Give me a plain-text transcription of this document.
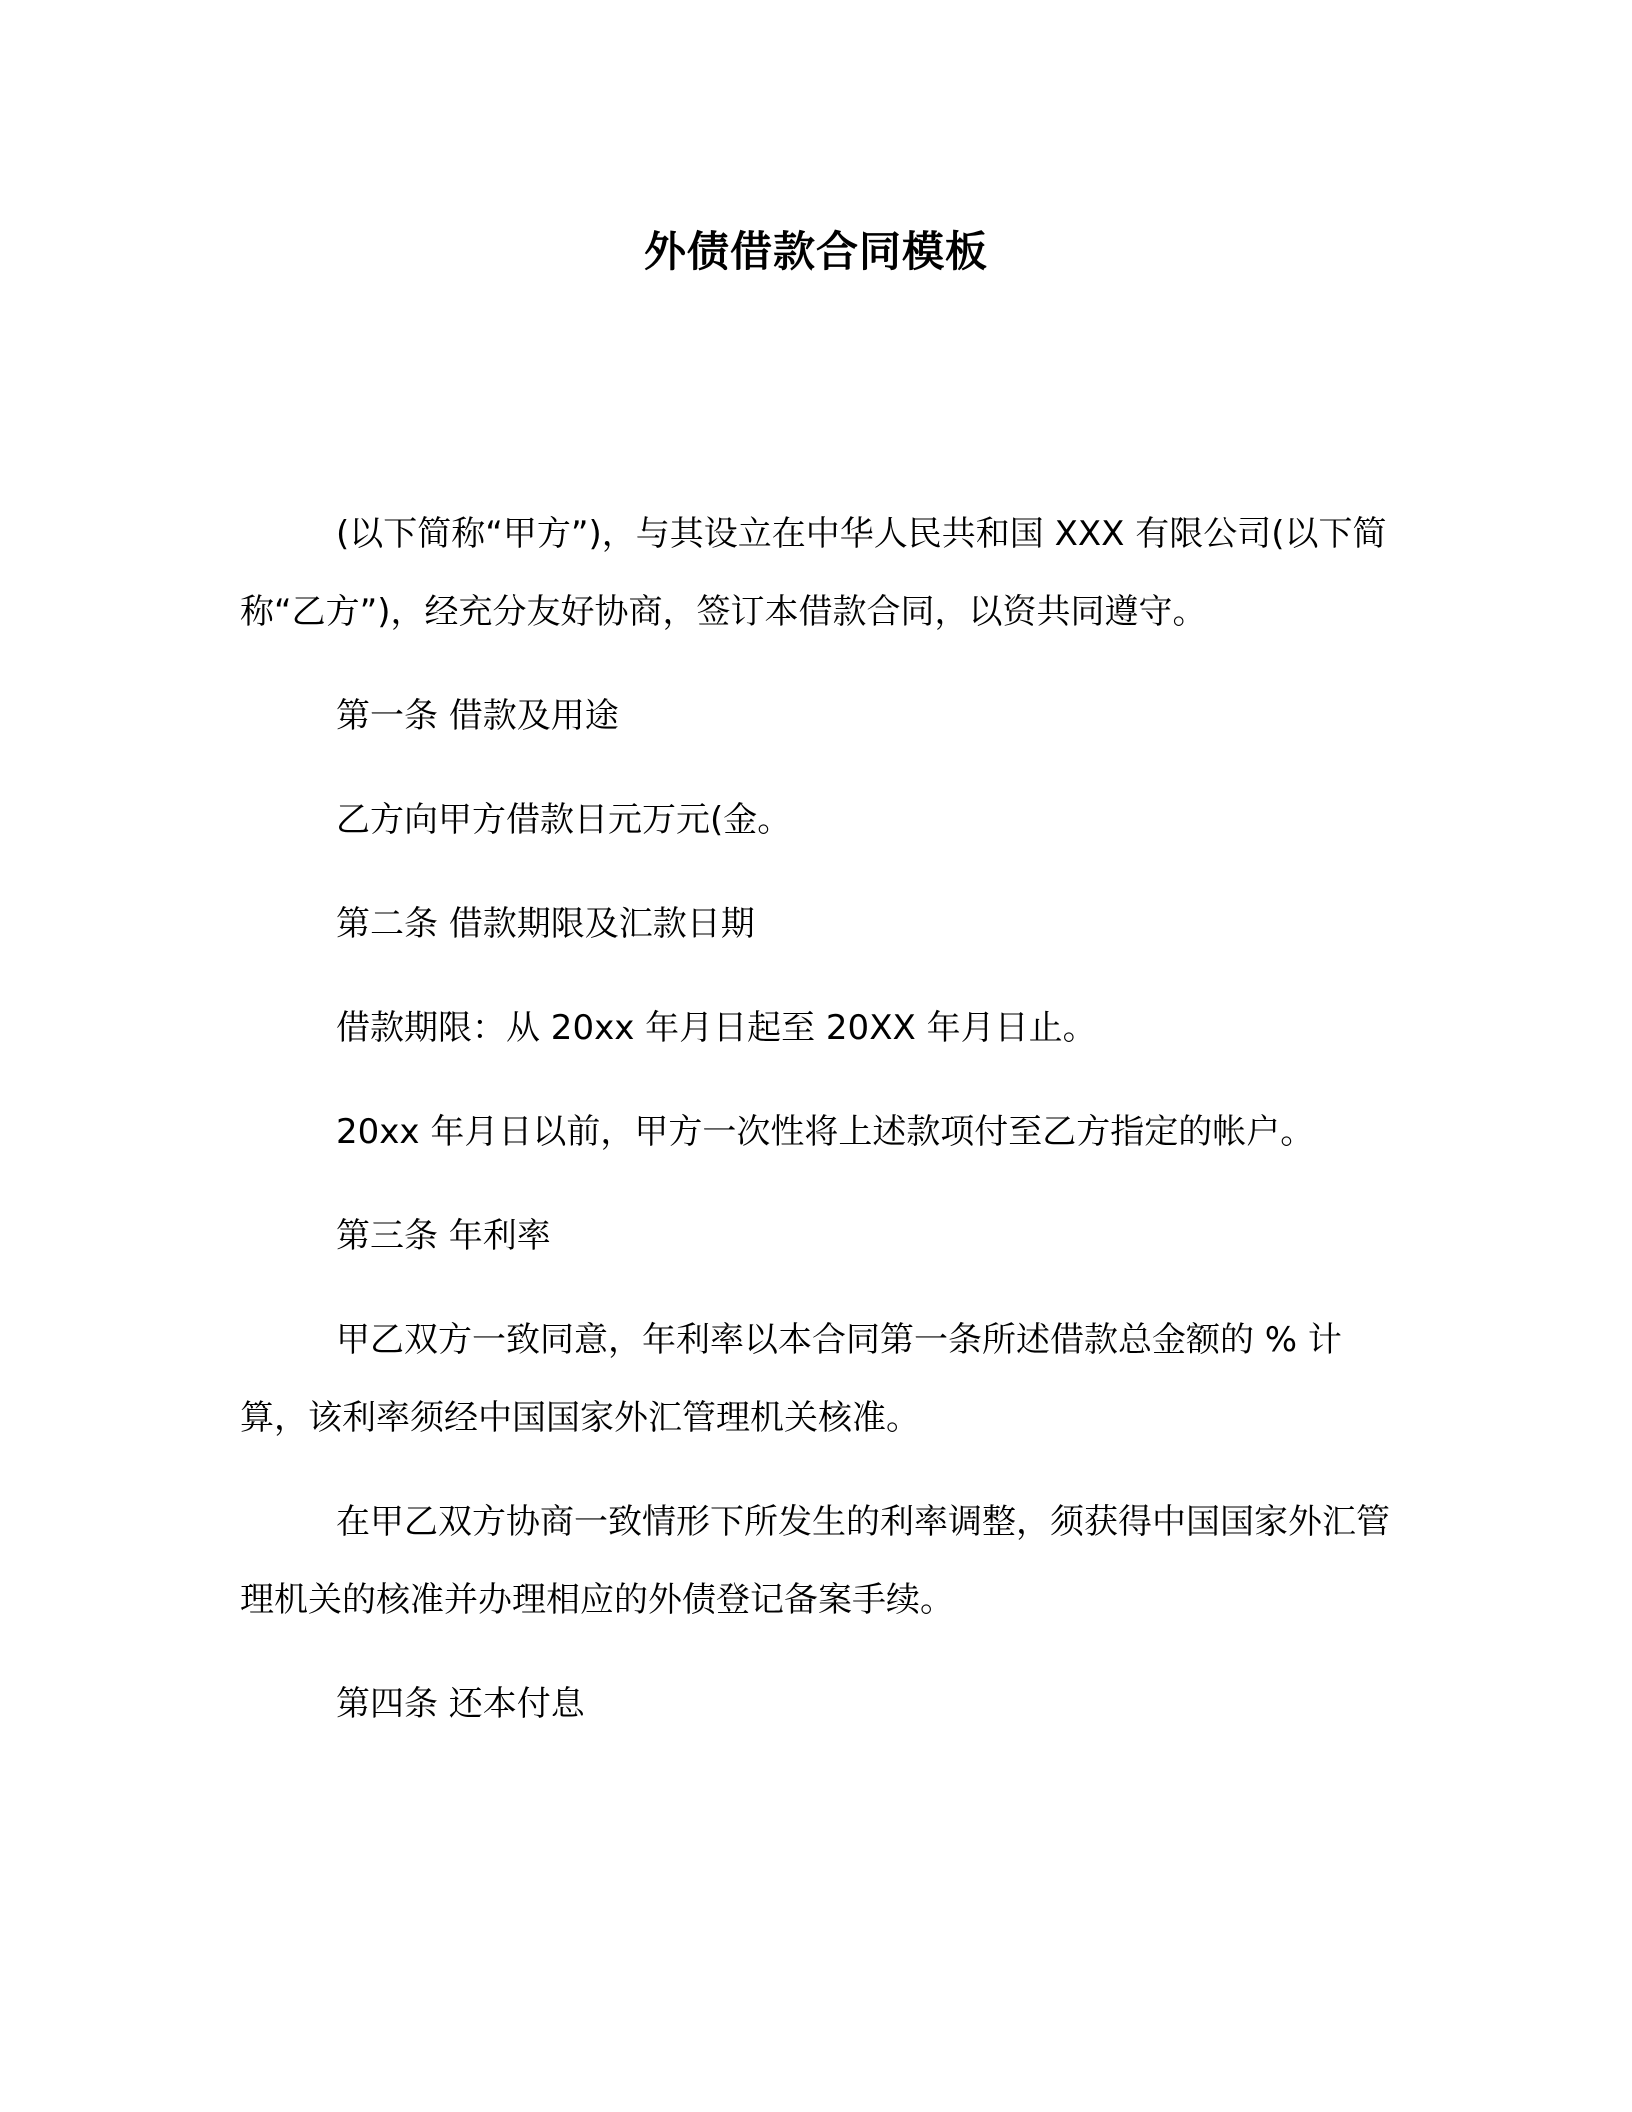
外债借款合同模板

(以下简称“甲方”)，与其设立在中华人民共和国 XXX 有限公司(以下简称“乙方”)，经充分友好协商，签订本借款合同，以资共同遵守。

第一条 借款及用途

乙方向甲方借款日元万元(金。

第二条 借款期限及汇款日期

借款期限：从 20xx 年月日起至 20XX 年月日止。

20xx 年月日以前，甲方一次性将上述款项付至乙方指定的帐户。

第三条 年利率

甲乙双方一致同意，年利率以本合同第一条所述借款总金额的 % 计算，该利率须经中国国家外汇管理机关核准。

在甲乙双方协商一致情形下所发生的利率调整，须获得中国国家外汇管理机关的核准并办理相应的外债登记备案手续。

第四条 还本付息
